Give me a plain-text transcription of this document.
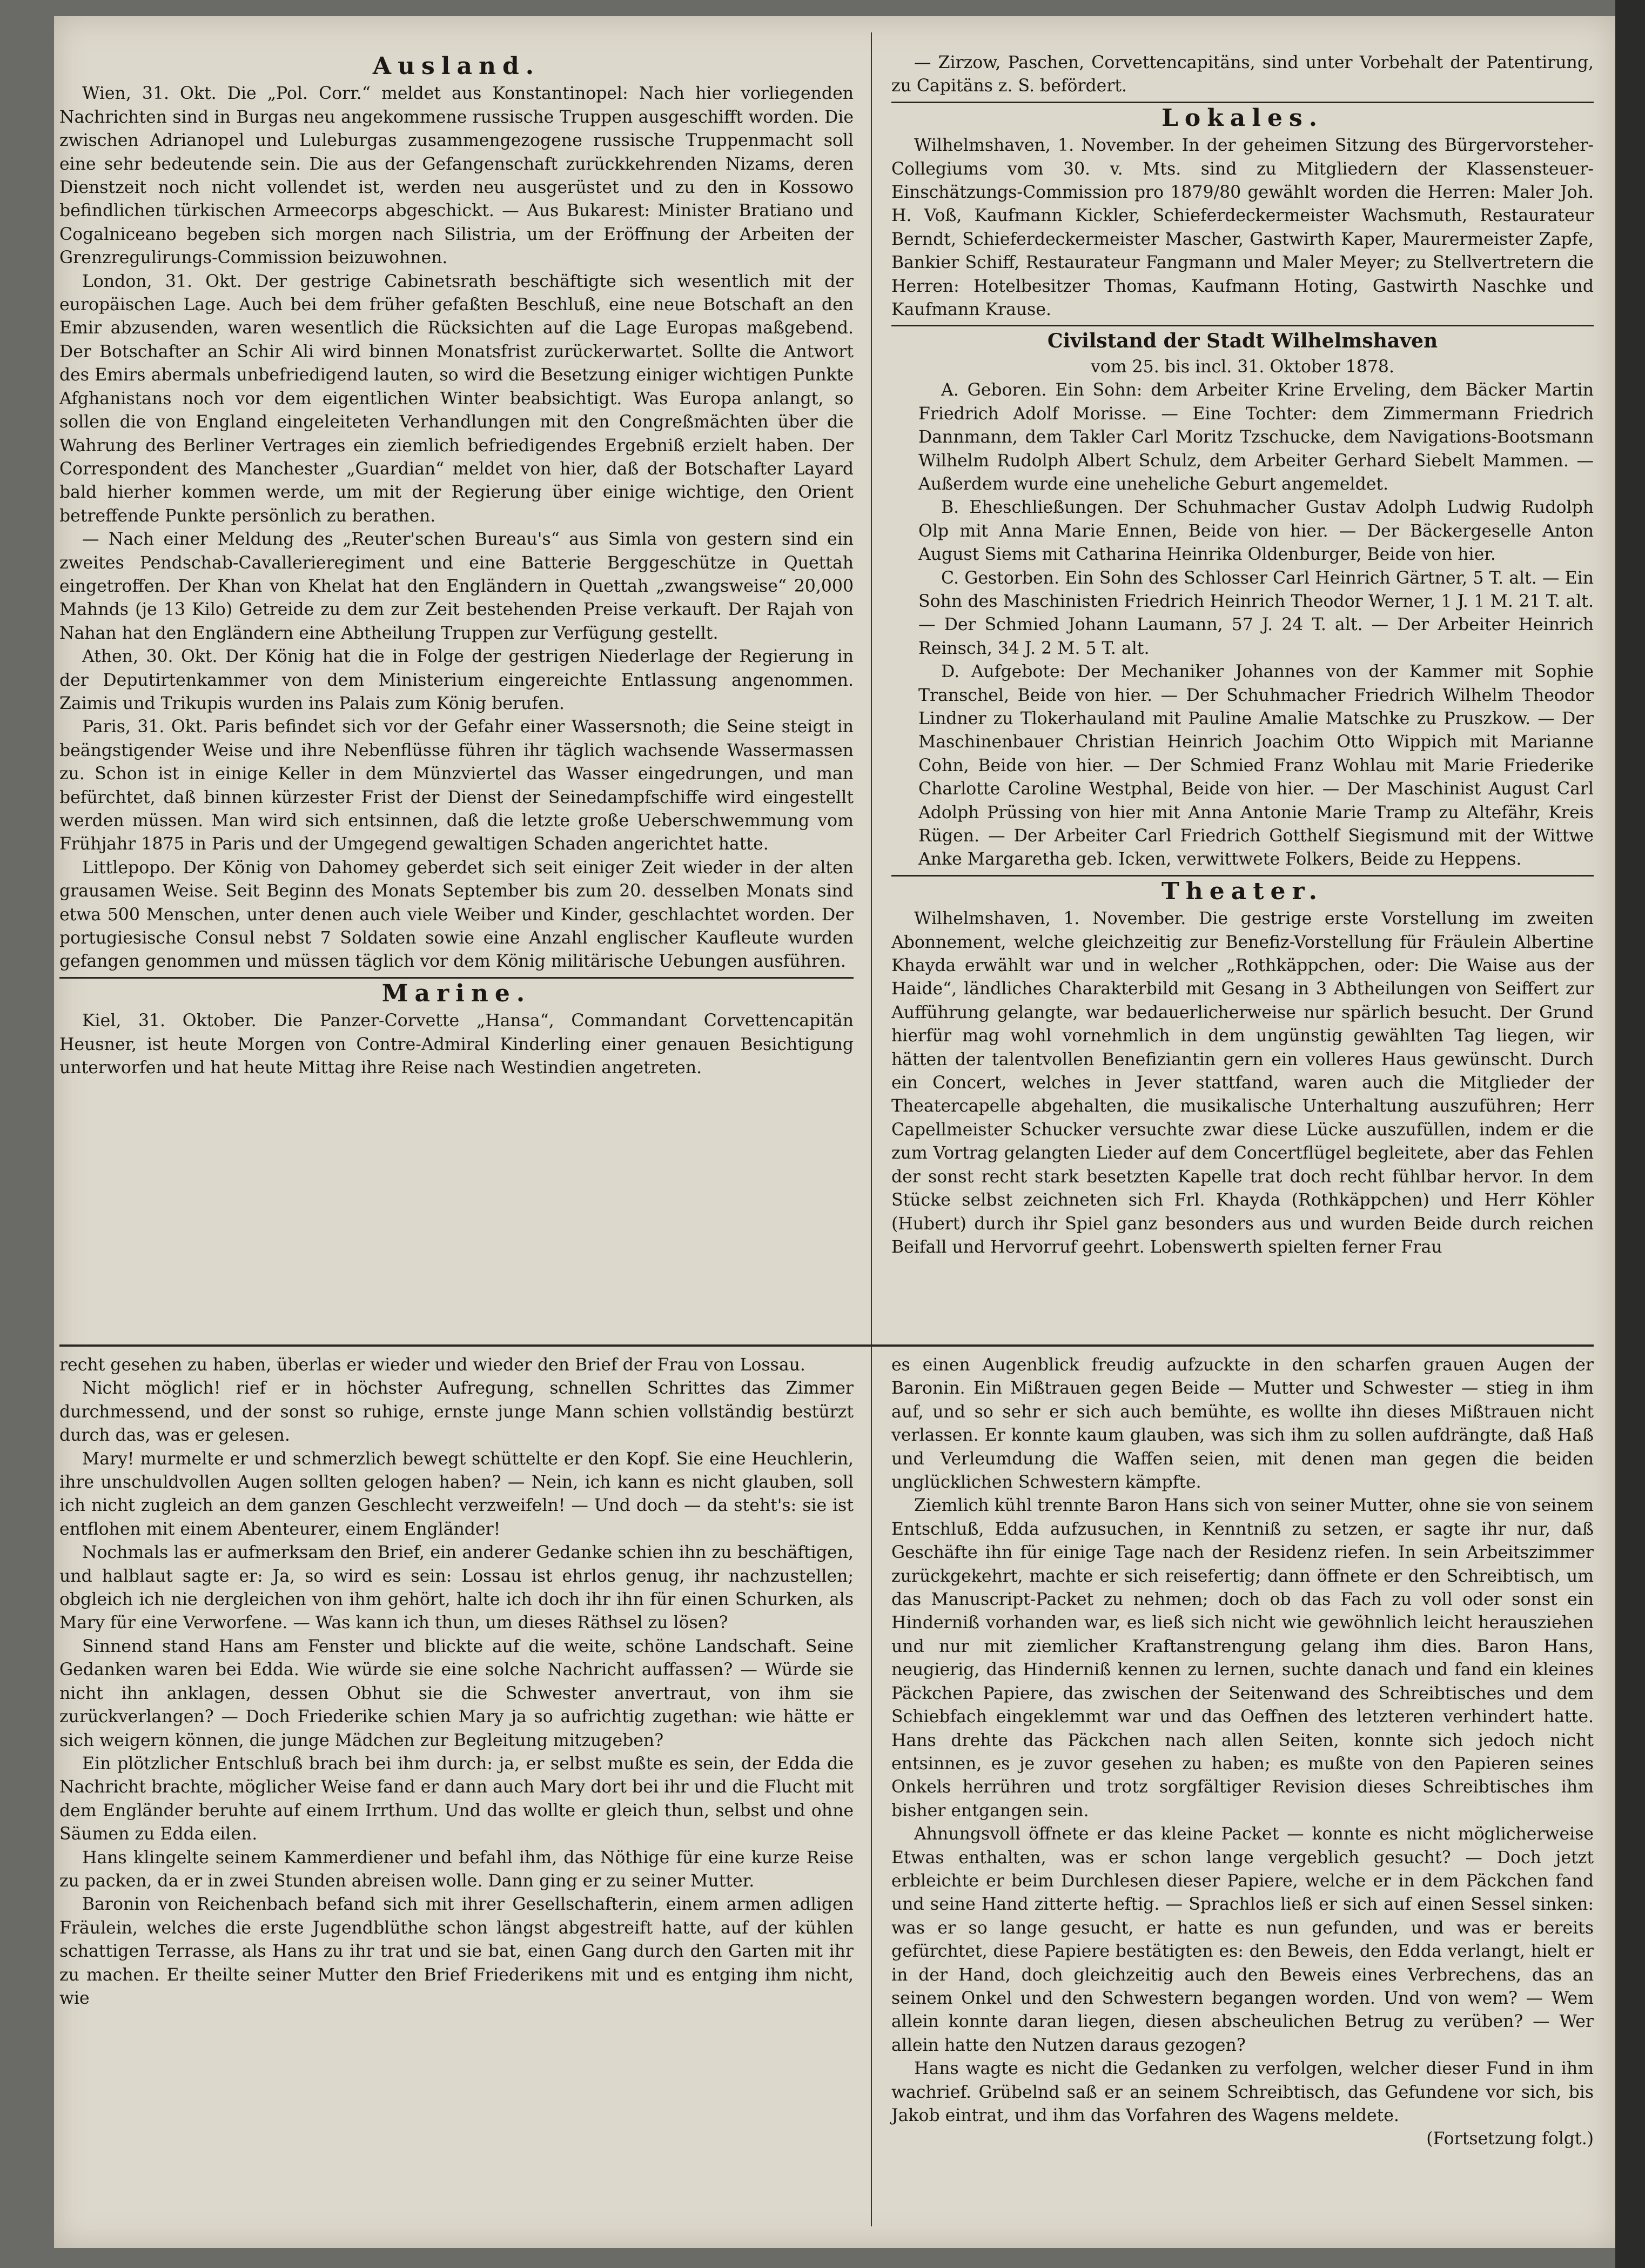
Ausland.

Wien, 31. Okt. Die „Pol. Corr.“ meldet aus Konstantinopel: Nach hier vorliegenden Nachrichten sind in Burgas neu angekommene russische Truppen ausgeschifft worden. Die zwischen Adrianopel und Luleburgas zusammengezogene russische Truppenmacht soll eine sehr bedeutende sein. Die aus der Gefangenschaft zurückkehrenden Nizams, deren Dienstzeit noch nicht vollendet ist, werden neu ausgerüstet und zu den in Kossowo befindlichen türkischen Armeecorps abgeschickt. — Aus Bukarest: Minister Bratiano und Cogalniceano begeben sich morgen nach Silistria, um der Eröffnung der Arbeiten der Grenzregulirungs-Commission beizuwohnen.

London, 31. Okt. Der gestrige Cabinetsrath beschäftigte sich wesentlich mit der europäischen Lage. Auch bei dem früher gefaßten Beschluß, eine neue Botschaft an den Emir abzusenden, waren wesentlich die Rücksichten auf die Lage Europas maßgebend. Der Botschafter an Schir Ali wird binnen Monatsfrist zurückerwartet. Sollte die Antwort des Emirs abermals unbefriedigend lauten, so wird die Besetzung einiger wichtigen Punkte Afghanistans noch vor dem eigentlichen Winter beabsichtigt. Was Europa anlangt, so sollen die von England eingeleiteten Verhandlungen mit den Congreßmächten über die Wahrung des Berliner Vertrages ein ziemlich befriedigendes Ergebniß erzielt haben. Der Correspondent des Manchester „Guardian“ meldet von hier, daß der Botschafter Layard bald hierher kommen werde, um mit der Regierung über einige wichtige, den Orient betreffende Punkte persönlich zu berathen.

— Nach einer Meldung des „Reuter'schen Bureau's“ aus Simla von gestern sind ein zweites Pendschab-Cavallerieregiment und eine Batterie Berggeschütze in Quettah eingetroffen. Der Khan von Khelat hat den Engländern in Quettah „zwangsweise“ 20,000 Mahnds (je 13 Kilo) Getreide zu dem zur Zeit bestehenden Preise verkauft. Der Rajah von Nahan hat den Engländern eine Abtheilung Truppen zur Verfügung gestellt.

Athen, 30. Okt. Der König hat die in Folge der gestrigen Niederlage der Regierung in der Deputirtenkammer von dem Ministerium eingereichte Entlassung angenommen. Zaimis und Trikupis wurden ins Palais zum König berufen.

Paris, 31. Okt. Paris befindet sich vor der Gefahr einer Wassersnoth; die Seine steigt in beängstigender Weise und ihre Nebenflüsse führen ihr täglich wachsende Wassermassen zu. Schon ist in einige Keller in dem Münzviertel das Wasser eingedrungen, und man befürchtet, daß binnen kürzester Frist der Dienst der Seinedampfschiffe wird eingestellt werden müssen. Man wird sich entsinnen, daß die letzte große Ueberschwemmung vom Frühjahr 1875 in Paris und der Umgegend gewaltigen Schaden angerichtet hatte.

Littlepopo. Der König von Dahomey geberdet sich seit einiger Zeit wieder in der alten grausamen Weise. Seit Beginn des Monats September bis zum 20. desselben Monats sind etwa 500 Menschen, unter denen auch viele Weiber und Kinder, geschlachtet worden. Der portugiesische Consul nebst 7 Soldaten sowie eine Anzahl englischer Kaufleute wurden gefangen genommen und müssen täglich vor dem König militärische Uebungen ausführen.

Marine.

Kiel, 31. Oktober. Die Panzer-Corvette „Hansa“, Commandant Corvettencapitän Heusner, ist heute Morgen von Contre-Admiral Kinderling einer genauen Besichtigung unterworfen und hat heute Mittag ihre Reise nach Westindien angetreten.

— Zirzow, Paschen, Corvettencapitäns, sind unter Vorbehalt der Patentirung, zu Capitäns z. S. befördert.

Lokales.

Wilhelmshaven, 1. November. In der geheimen Sitzung des Bürgervorsteher-Collegiums vom 30. v. Mts. sind zu Mitgliedern der Klassensteuer-Einschätzungs-Commission pro 1879/80 gewählt worden die Herren: Maler Joh. H. Voß, Kaufmann Kickler, Schieferdeckermeister Wachsmuth, Restaurateur Berndt, Schieferdeckermeister Mascher, Gastwirth Kaper, Maurermeister Zapfe, Bankier Schiff, Restaurateur Fangmann und Maler Meyer; zu Stellvertretern die Herren: Hotelbesitzer Thomas, Kaufmann Hoting, Gastwirth Naschke und Kaufmann Krause.

Civilstand der Stadt Wilhelmshaven

vom 25. bis incl. 31. Oktober 1878.

A. Geboren. Ein Sohn: dem Arbeiter Krine Erveling, dem Bäcker Martin Friedrich Adolf Morisse. — Eine Tochter: dem Zimmermann Friedrich Dannmann, dem Takler Carl Moritz Tzschucke, dem Navigations-Bootsmann Wilhelm Rudolph Albert Schulz, dem Arbeiter Gerhard Siebelt Mammen. — Außerdem wurde eine uneheliche Geburt angemeldet.

B. Eheschließungen. Der Schuhmacher Gustav Adolph Ludwig Rudolph Olp mit Anna Marie Ennen, Beide von hier. — Der Bäckergeselle Anton August Siems mit Catharina Heinrika Oldenburger, Beide von hier.

C. Gestorben. Ein Sohn des Schlosser Carl Heinrich Gärtner, 5 T. alt. — Ein Sohn des Maschinisten Friedrich Heinrich Theodor Werner, 1 J. 1 M. 21 T. alt. — Der Schmied Johann Laumann, 57 J. 24 T. alt. — Der Arbeiter Heinrich Reinsch, 34 J. 2 M. 5 T. alt.

D. Aufgebote: Der Mechaniker Johannes von der Kammer mit Sophie Transchel, Beide von hier. — Der Schuhmacher Friedrich Wilhelm Theodor Lindner zu Tlokerhauland mit Pauline Amalie Matschke zu Pruszkow. — Der Maschinenbauer Christian Heinrich Joachim Otto Wippich mit Marianne Cohn, Beide von hier. — Der Schmied Franz Wohlau mit Marie Friederike Charlotte Caroline Westphal, Beide von hier. — Der Maschinist August Carl Adolph Prüssing von hier mit Anna Antonie Marie Tramp zu Altefähr, Kreis Rügen. — Der Arbeiter Carl Friedrich Gotthelf Siegismund mit der Wittwe Anke Margaretha geb. Icken, verwittwete Folkers, Beide zu Heppens.

Theater.

Wilhelmshaven, 1. November. Die gestrige erste Vorstellung im zweiten Abonnement, welche gleichzeitig zur Benefiz-Vorstellung für Fräulein Albertine Khayda erwählt war und in welcher „Rothkäppchen, oder: Die Waise aus der Haide“, ländliches Charakterbild mit Gesang in 3 Abtheilungen von Seiffert zur Aufführung gelangte, war bedauerlicherweise nur spärlich besucht. Der Grund hierfür mag wohl vornehmlich in dem ungünstig gewählten Tag liegen, wir hätten der talentvollen Benefiziantin gern ein volleres Haus gewünscht. Durch ein Concert, welches in Jever stattfand, waren auch die Mitglieder der Theatercapelle abgehalten, die musikalische Unterhaltung auszuführen; Herr Capellmeister Schucker versuchte zwar diese Lücke auszufüllen, indem er die zum Vortrag gelangten Lieder auf dem Concertflügel begleitete, aber das Fehlen der sonst recht stark besetzten Kapelle trat doch recht fühlbar hervor. In dem Stücke selbst zeichneten sich Frl. Khayda (Rothkäppchen) und Herr Köhler (Hubert) durch ihr Spiel ganz besonders aus und wurden Beide durch reichen Beifall und Hervorruf geehrt. Lobenswerth spielten ferner Frau

recht gesehen zu haben, überlas er wieder und wieder den Brief der Frau von Lossau.

Nicht möglich! rief er in höchster Aufregung, schnellen Schrittes das Zimmer durchmessend, und der sonst so ruhige, ernste junge Mann schien vollständig bestürzt durch das, was er gelesen.

Mary! murmelte er und schmerzlich bewegt schüttelte er den Kopf. Sie eine Heuchlerin, ihre unschuldvollen Augen sollten gelogen haben? — Nein, ich kann es nicht glauben, soll ich nicht zugleich an dem ganzen Geschlecht verzweifeln! — Und doch — da steht's: sie ist entflohen mit einem Abenteurer, einem Engländer!

Nochmals las er aufmerksam den Brief, ein anderer Gedanke schien ihn zu beschäftigen, und halblaut sagte er: Ja, so wird es sein: Lossau ist ehrlos genug, ihr nachzustellen; obgleich ich nie dergleichen von ihm gehört, halte ich doch ihr ihn für einen Schurken, als Mary für eine Verworfene. — Was kann ich thun, um dieses Räthsel zu lösen?

Sinnend stand Hans am Fenster und blickte auf die weite, schöne Landschaft. Seine Gedanken waren bei Edda. Wie würde sie eine solche Nachricht auffassen? — Würde sie nicht ihn anklagen, dessen Obhut sie die Schwester anvertraut, von ihm sie zurückverlangen? — Doch Friederike schien Mary ja so aufrichtig zugethan: wie hätte er sich weigern können, die junge Mädchen zur Begleitung mitzugeben?

Ein plötzlicher Entschluß brach bei ihm durch: ja, er selbst mußte es sein, der Edda die Nachricht brachte, möglicher Weise fand er dann auch Mary dort bei ihr und die Flucht mit dem Engländer beruhte auf einem Irrthum. Und das wollte er gleich thun, selbst und ohne Säumen zu Edda eilen.

Hans klingelte seinem Kammerdiener und befahl ihm, das Nöthige für eine kurze Reise zu packen, da er in zwei Stunden abreisen wolle. Dann ging er zu seiner Mutter.

Baronin von Reichenbach befand sich mit ihrer Gesellschafterin, einem armen adligen Fräulein, welches die erste Jugendblüthe schon längst abgestreift hatte, auf der kühlen schattigen Terrasse, als Hans zu ihr trat und sie bat, einen Gang durch den Garten mit ihr zu machen. Er theilte seiner Mutter den Brief Friederikens mit und es entging ihm nicht, wie

es einen Augenblick freudig aufzuckte in den scharfen grauen Augen der Baronin. Ein Mißtrauen gegen Beide — Mutter und Schwester — stieg in ihm auf, und so sehr er sich auch bemühte, es wollte ihn dieses Mißtrauen nicht verlassen. Er konnte kaum glauben, was sich ihm zu sollen aufdrängte, daß Haß und Verleumdung die Waffen seien, mit denen man gegen die beiden unglücklichen Schwestern kämpfte.

Ziemlich kühl trennte Baron Hans sich von seiner Mutter, ohne sie von seinem Entschluß, Edda aufzusuchen, in Kenntniß zu setzen, er sagte ihr nur, daß Geschäfte ihn für einige Tage nach der Residenz riefen. In sein Arbeitszimmer zurückgekehrt, machte er sich reisefertig; dann öffnete er den Schreibtisch, um das Manuscript-Packet zu nehmen; doch ob das Fach zu voll oder sonst ein Hinderniß vorhanden war, es ließ sich nicht wie gewöhnlich leicht herausziehen und nur mit ziemlicher Kraftanstrengung gelang ihm dies. Baron Hans, neugierig, das Hinderniß kennen zu lernen, suchte danach und fand ein kleines Päckchen Papiere, das zwischen der Seitenwand des Schreibtisches und dem Schiebfach eingeklemmt war und das Oeffnen des letzteren verhindert hatte. Hans drehte das Päckchen nach allen Seiten, konnte sich jedoch nicht entsinnen, es je zuvor gesehen zu haben; es mußte von den Papieren seines Onkels herrühren und trotz sorgfältiger Revision dieses Schreibtisches ihm bisher entgangen sein.

Ahnungsvoll öffnete er das kleine Packet — konnte es nicht möglicherweise Etwas enthalten, was er schon lange vergeblich gesucht? — Doch jetzt erbleichte er beim Durchlesen dieser Papiere, welche er in dem Päckchen fand und seine Hand zitterte heftig. — Sprachlos ließ er sich auf einen Sessel sinken: was er so lange gesucht, er hatte es nun gefunden, und was er bereits gefürchtet, diese Papiere bestätigten es: den Beweis, den Edda verlangt, hielt er in der Hand, doch gleichzeitig auch den Beweis eines Verbrechens, das an seinem Onkel und den Schwestern begangen worden. Und von wem? — Wem allein konnte daran liegen, diesen abscheulichen Betrug zu verüben? — Wer allein hatte den Nutzen daraus gezogen?

Hans wagte es nicht die Gedanken zu verfolgen, welcher dieser Fund in ihm wachrief. Grübelnd saß er an seinem Schreibtisch, das Gefundene vor sich, bis Jakob eintrat, und ihm das Vorfahren des Wagens meldete.

(Fortsetzung folgt.)
